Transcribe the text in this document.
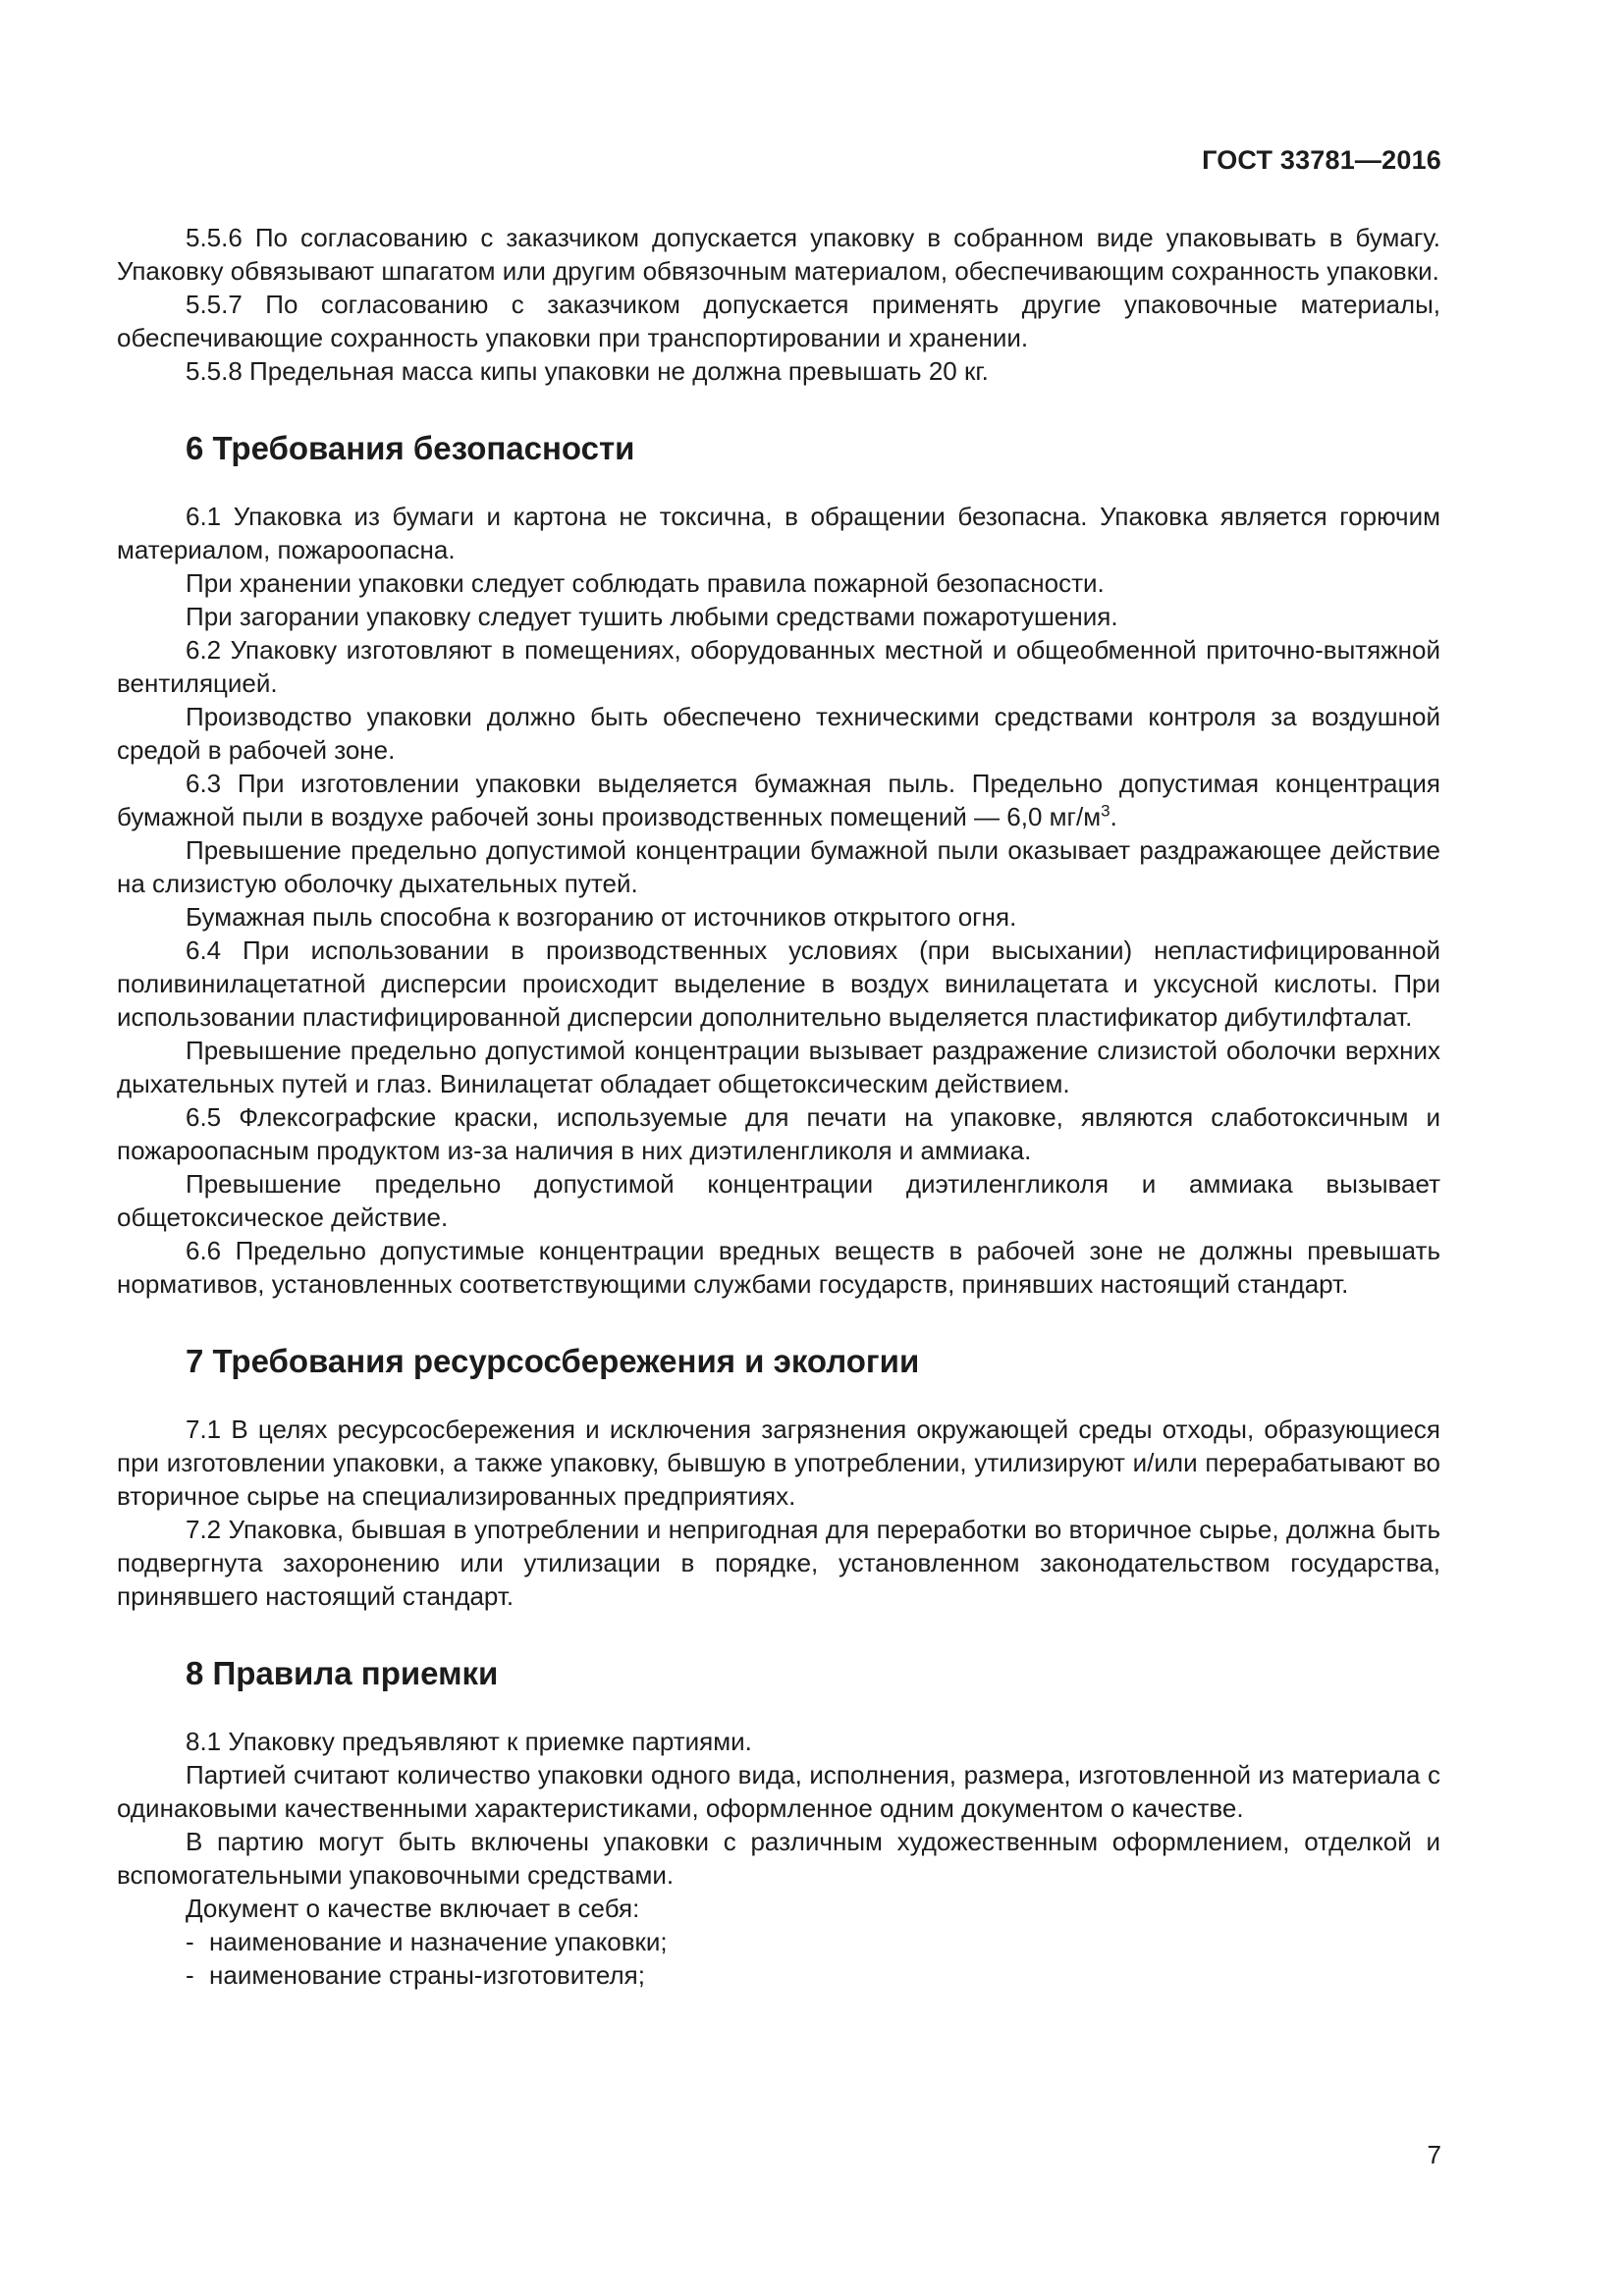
ГОСТ 33781—2016

5.5.6 По согласованию с заказчиком допускается упаковку в собранном виде упаковывать в бумагу. Упаковку обвязывают шпагатом или другим обвязочным материалом, обеспечивающим сохранность упаковки.

5.5.7 По согласованию с заказчиком допускается применять другие упаковочные материалы, обеспечивающие сохранность упаковки при транспортировании и хранении.

5.5.8 Предельная масса кипы упаковки не должна превышать 20 кг.

6 Требования безопасности

6.1 Упаковка из бумаги и картона не токсична, в обращении безопасна. Упаковка является горючим материалом, пожароопасна.

При хранении упаковки следует соблюдать правила пожарной безопасности.

При загорании упаковку следует тушить любыми средствами пожаротушения.

6.2 Упаковку изготовляют в помещениях, оборудованных местной и общеобменной приточно-вытяжной вентиляцией.

Производство упаковки должно быть обеспечено техническими средствами контроля за воздушной средой в рабочей зоне.

6.3 При изготовлении упаковки выделяется бумажная пыль. Предельно допустимая концентрация бумажной пыли в воздухе рабочей зоны производственных помещений — 6,0 $мг/м^3$.

Превышение предельно допустимой концентрации бумажной пыли оказывает раздражающее действие на слизистую оболочку дыхательных путей.

Бумажная пыль способна к возгоранию от источников открытого огня.

6.4 При использовании в производственных условиях (при высыхании) непластифицированной поливинилацетатной дисперсии происходит выделение в воздух винилацетата и уксусной кислоты. При использовании пластифицированной дисперсии дополнительно выделяется пластификатор дибутилфталат.

Превышение предельно допустимой концентрации вызывает раздражение слизистой оболочки верхних дыхательных путей и глаз. Винилацетат обладает общетоксическим действием.

6.5 Флексографские краски, используемые для печати на упаковке, являются слаботоксичным и пожароопасным продуктом из-за наличия в них диэтиленгликоля и аммиака.

Превышение предельно допустимой концентрации диэтиленгликоля и аммиака вызывает общетоксическое действие.

6.6 Предельно допустимые концентрации вредных веществ в рабочей зоне не должны превышать нормативов, установленных соответствующими службами государств, принявших настоящий стандарт.

7 Требования ресурсосбережения и экологии

7.1 В целях ресурсосбережения и исключения загрязнения окружающей среды отходы, образующиеся при изготовлении упаковки, а также упаковку, бывшую в употреблении, утилизируют и/или перерабатывают во вторичное сырье на специализированных предприятиях.

7.2 Упаковка, бывшая в употреблении и непригодная для переработки во вторичное сырье, должна быть подвергнута захоронению или утилизации в порядке, установленном законодательством государства, принявшего настоящий стандарт.

8 Правила приемки

8.1 Упаковку предъявляют к приемке партиями.

Партией считают количество упаковки одного вида, исполнения, размера, изготовленной из материала с одинаковыми качественными характеристиками, оформленное одним документом о качестве.

В партию могут быть включены упаковки с различным художественным оформлением, отделкой и вспомогательными упаковочными средствами.

Документ о качестве включает в себя:

- наименование и назначение упаковки;
- наименование страны-изготовителя;
7
